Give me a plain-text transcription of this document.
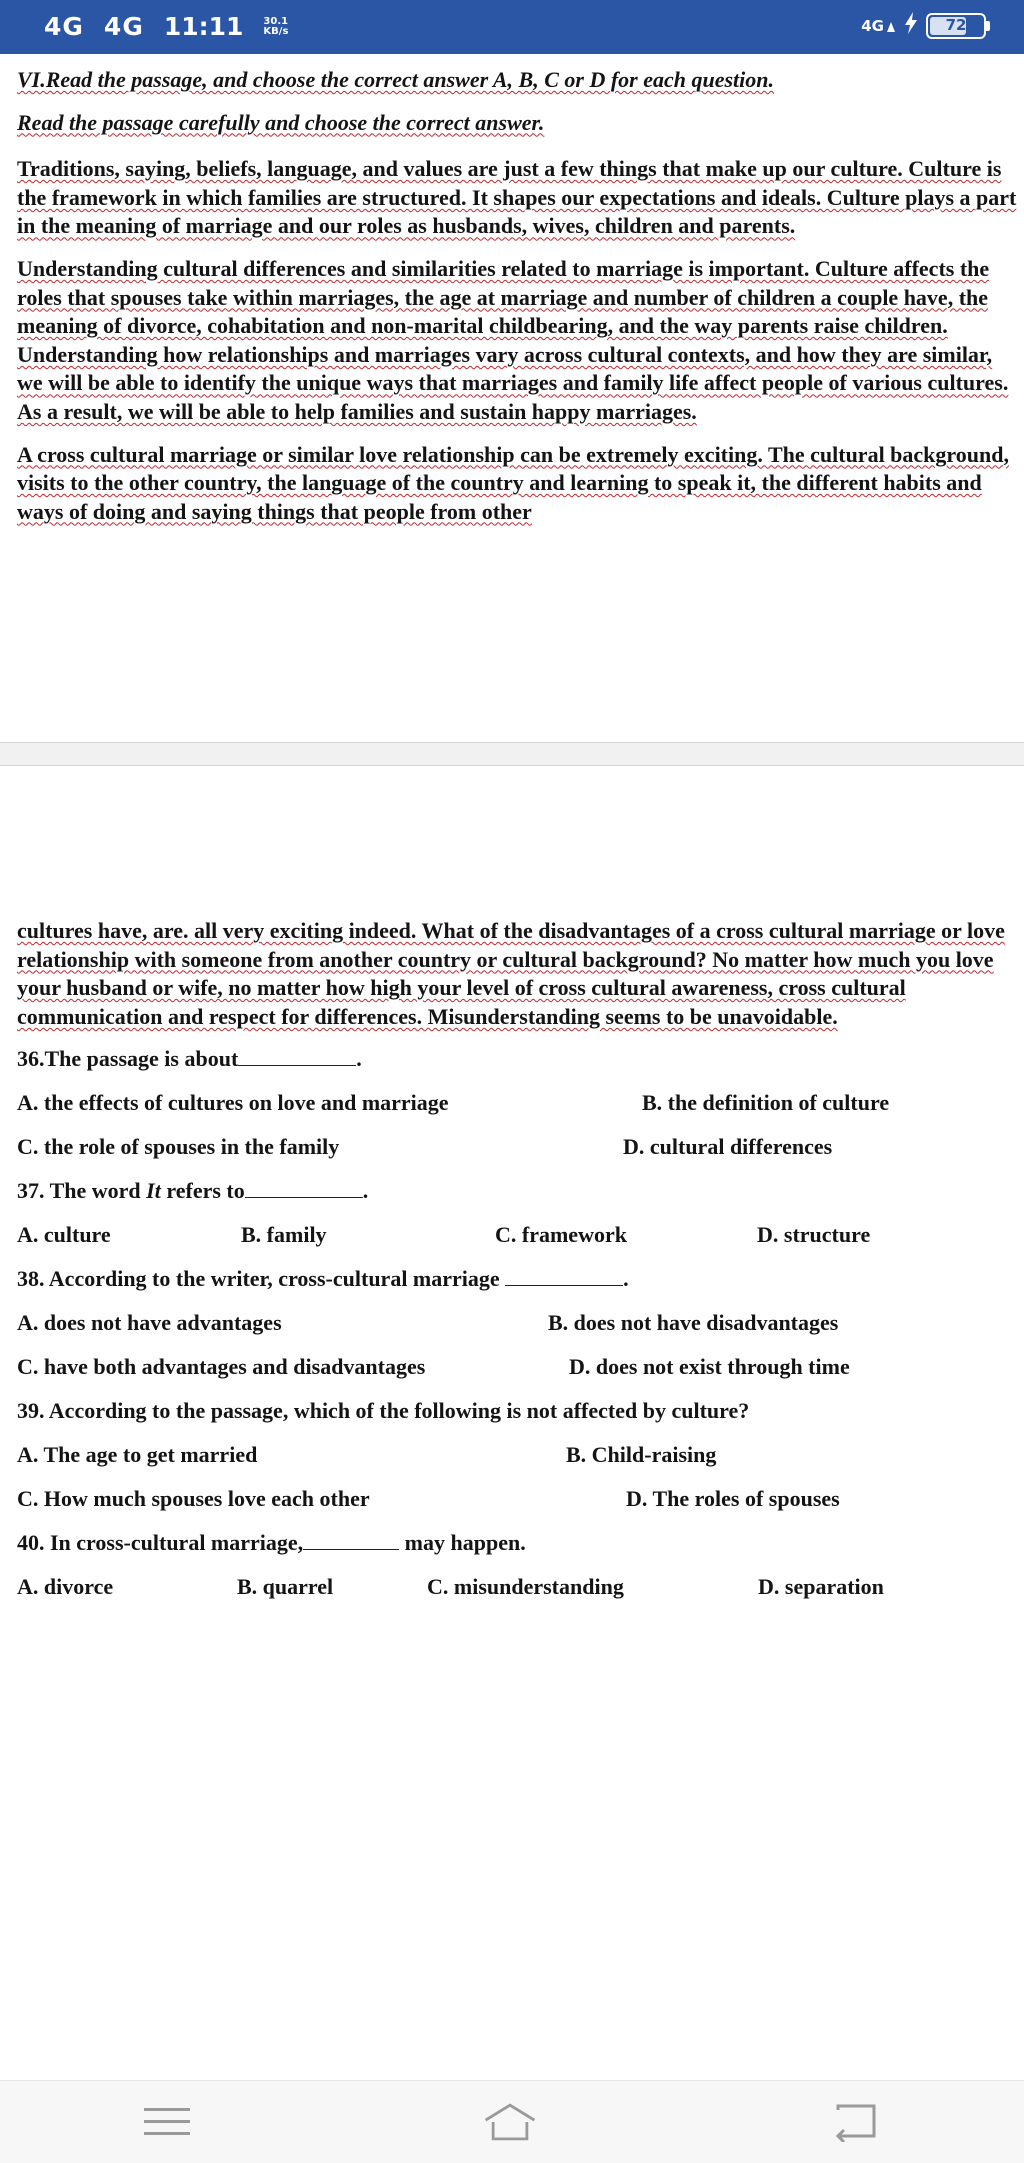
4G 4G 11:11 30.1 KB/s	4G	72

VI.Read the passage, and choose the correct answer A, B, C or D for each question.

Read the passage carefully and choose the correct answer.

Traditions, saying, beliefs, language, and values are just a few things that make up our culture. Culture is the framework in which families are structured. It shapes our expectations and ideals. Culture plays a part in the meaning of marriage and our roles as husbands, wives, children and parents.

Understanding cultural differences and similarities related to marriage is important. Culture affects the roles that spouses take within marriages, the age at marriage and number of children a couple have, the meaning of divorce, cohabitation and non-marital childbearing, and the way parents raise children. Understanding how relationships and marriages vary across cultural contexts, and how they are similar, we will be able to identify the unique ways that marriages and family life affect people of various cultures. As a result, we will be able to help families and sustain happy marriages.

A cross cultural marriage or similar love relationship can be extremely exciting. The cultural background, visits to the other country, the language of the country and learning to speak it, the different habits and ways of doing and saying things that people from other

cultures have, are. all very exciting indeed. What of the disadvantages of a cross cultural marriage or love relationship with someone from another country or cultural background? No matter how much you love your husband or wife, no matter how high your level of cross cultural awareness, cross cultural communication and respect for differences. Misunderstanding seems to be unavoidable.

36.The passage is about	.
A. the effects of cultures on love and marriage	B. the definition of culture
C. the role of spouses in the family	D. cultural differences
37. The word It refers to	.
A. culture	B. family	C. framework	D. structure
38. According to the writer, cross-cultural marriage	.
A. does not have advantages	B. does not have disadvantages
C. have both advantages and disadvantages	D. does not exist through time
39. According to the passage, which of the following is not affected by culture?
A. The age to get married	B. Child-raising
C. How much spouses love each other	D. The roles of spouses
40. In cross-cultural marriage,	may happen.
A. divorce	B. quarrel	C. misunderstanding	D. separation
